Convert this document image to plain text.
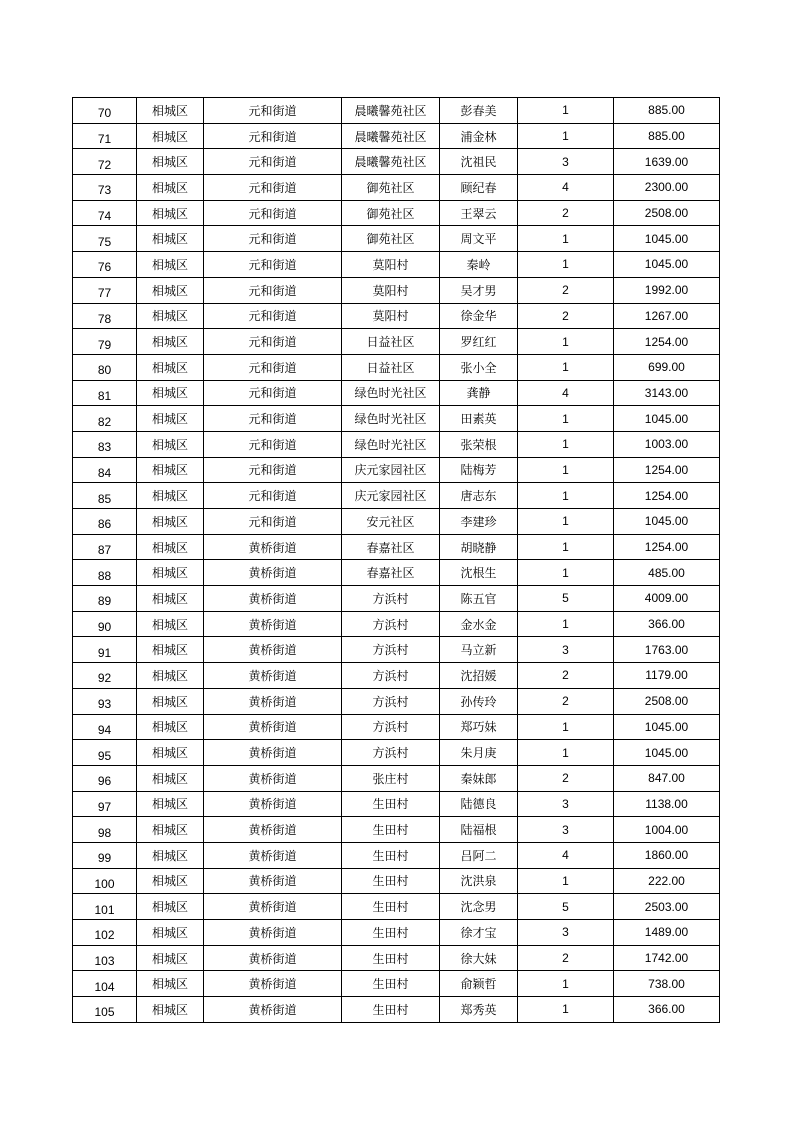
70	相城区	元和街道	晨曦馨苑社区	彭春美	1	885.00
71	相城区	元和街道	晨曦馨苑社区	浦金林	1	885.00
72	相城区	元和街道	晨曦馨苑社区	沈祖民	3	1639.00
73	相城区	元和街道	御苑社区	顾纪春	4	2300.00
74	相城区	元和街道	御苑社区	王翠云	2	2508.00
75	相城区	元和街道	御苑社区	周文平	1	1045.00
76	相城区	元和街道	莫阳村	秦岭	1	1045.00
77	相城区	元和街道	莫阳村	吴才男	2	1992.00
78	相城区	元和街道	莫阳村	徐金华	2	1267.00
79	相城区	元和街道	日益社区	罗红红	1	1254.00
80	相城区	元和街道	日益社区	张小全	1	699.00
81	相城区	元和街道	绿色时光社区	龚静	4	3143.00
82	相城区	元和街道	绿色时光社区	田素英	1	1045.00
83	相城区	元和街道	绿色时光社区	张荣根	1	1003.00
84	相城区	元和街道	庆元家园社区	陆梅芳	1	1254.00
85	相城区	元和街道	庆元家园社区	唐志东	1	1254.00
86	相城区	元和街道	安元社区	李建珍	1	1045.00
87	相城区	黄桥街道	春嘉社区	胡晓静	1	1254.00
88	相城区	黄桥街道	春嘉社区	沈根生	1	485.00
89	相城区	黄桥街道	方浜村	陈五官	5	4009.00
90	相城区	黄桥街道	方浜村	金水金	1	366.00
91	相城区	黄桥街道	方浜村	马立新	3	1763.00
92	相城区	黄桥街道	方浜村	沈招媛	2	1179.00
93	相城区	黄桥街道	方浜村	孙传玲	2	2508.00
94	相城区	黄桥街道	方浜村	郑巧妹	1	1045.00
95	相城区	黄桥街道	方浜村	朱月庚	1	1045.00
96	相城区	黄桥街道	张庄村	秦妹郎	2	847.00
97	相城区	黄桥街道	生田村	陆德良	3	1138.00
98	相城区	黄桥街道	生田村	陆福根	3	1004.00
99	相城区	黄桥街道	生田村	吕阿二	4	1860.00
100	相城区	黄桥街道	生田村	沈洪泉	1	222.00
101	相城区	黄桥街道	生田村	沈念男	5	2503.00
102	相城区	黄桥街道	生田村	徐才宝	3	1489.00
103	相城区	黄桥街道	生田村	徐大妹	2	1742.00
104	相城区	黄桥街道	生田村	俞颖哲	1	738.00
105	相城区	黄桥街道	生田村	郑秀英	1	366.00
